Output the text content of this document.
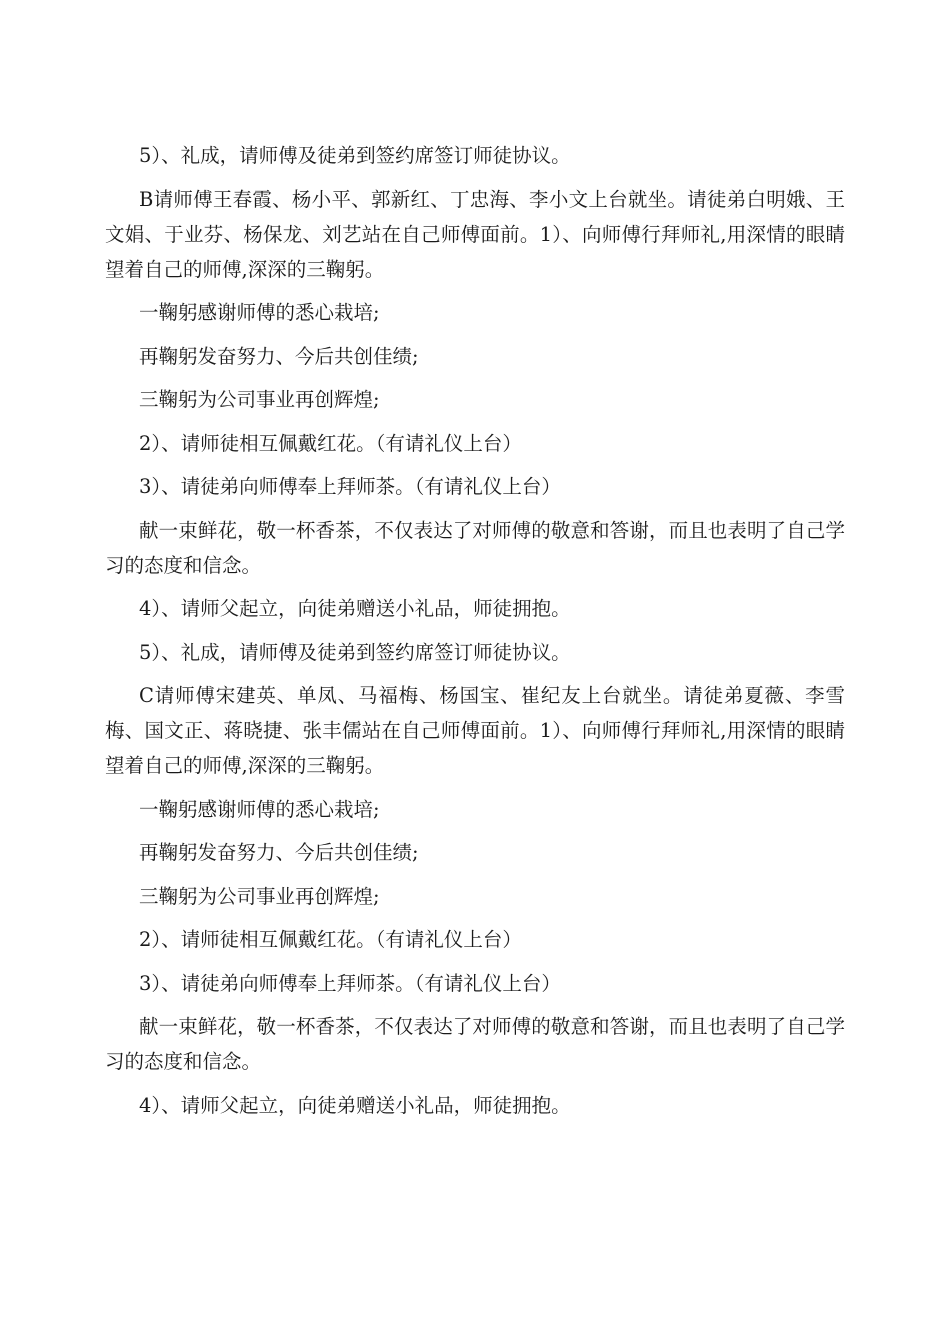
5）、礼成，请师傅及徒弟到签约席签订师徒协议。

B请师傅王春霞、杨小平、郭新红、丁忠海、李小文上台就坐。请徒弟白明娥、王文娟、于业芬、杨保龙、刘艺站在自己师傅面前。1）、向师傅行拜师礼,用深情的眼睛望着自己的师傅,深深的三鞠躬。

一鞠躬感谢师傅的悉心栽培;

再鞠躬发奋努力、今后共创佳绩;

三鞠躬为公司事业再创辉煌;

2）、请师徒相互佩戴红花。（有请礼仪上台）

3）、请徒弟向师傅奉上拜师茶。（有请礼仪上台）

献一束鲜花，敬一杯香茶，不仅表达了对师傅的敬意和答谢，而且也表明了自己学习的态度和信念。

4）、请师父起立，向徒弟赠送小礼品，师徒拥抱。

5）、礼成，请师傅及徒弟到签约席签订师徒协议。

C请师傅宋建英、单凤、马福梅、杨国宝、崔纪友上台就坐。请徒弟夏薇、李雪梅、国文正、蒋晓捷、张丰儒站在自己师傅面前。1）、向师傅行拜师礼,用深情的眼睛望着自己的师傅,深深的三鞠躬。

一鞠躬感谢师傅的悉心栽培;

再鞠躬发奋努力、今后共创佳绩;

三鞠躬为公司事业再创辉煌;

2）、请师徒相互佩戴红花。（有请礼仪上台）

3）、请徒弟向师傅奉上拜师茶。（有请礼仪上台）

献一束鲜花，敬一杯香茶，不仅表达了对师傅的敬意和答谢，而且也表明了自己学习的态度和信念。

4）、请师父起立，向徒弟赠送小礼品，师徒拥抱。
